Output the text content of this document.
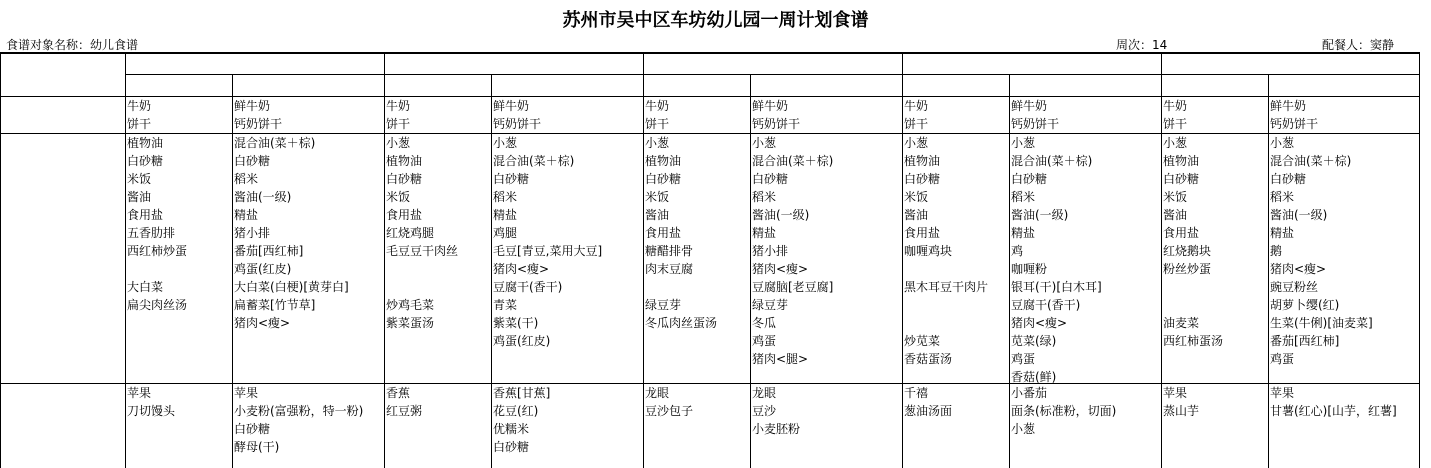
苏州市吴中区车坊幼儿园一周计划食谱
食谱对象名称：幼儿食谱	周次：14	配餐人：窦静
牛奶
饼干
鲜牛奶
钙奶饼干
牛奶
饼干
鲜牛奶
钙奶饼干
牛奶
饼干
鲜牛奶
钙奶饼干
牛奶
饼干
鲜牛奶
钙奶饼干
牛奶
饼干
鲜牛奶
钙奶饼干
植物油
白砂糖
米饭
酱油
食用盐
五香肋排
西红柿炒蛋
大白菜
扁尖肉丝汤
混合油(菜＋棕)
白砂糖
稻米
酱油(一级)
精盐
猪小排
番茄[西红柿]
鸡蛋(红皮)
大白菜(白梗)[黄芽白]
扁蓄菜[竹节草]
猪肉<瘦>
小葱
植物油
白砂糖
米饭
食用盐
红烧鸡腿
毛豆豆干肉丝
炒鸡毛菜
紫菜蛋汤
小葱
混合油(菜＋棕)
白砂糖
稻米
精盐
鸡腿
毛豆[青豆,菜用大豆]
猪肉<瘦>
豆腐干(香干)
青菜
紫菜(干)
鸡蛋(红皮)
小葱
植物油
白砂糖
米饭
酱油
食用盐
糖醋排骨
肉末豆腐
绿豆芽
冬瓜肉丝蛋汤
小葱
混合油(菜＋棕)
白砂糖
稻米
酱油(一级)
精盐
猪小排
猪肉<瘦>
豆腐脑[老豆腐]
绿豆芽
冬瓜
鸡蛋
猪肉<腿>
小葱
植物油
白砂糖
米饭
酱油
食用盐
咖喱鸡块
黑木耳豆干肉片
炒苋菜
香菇蛋汤
小葱
混合油(菜＋棕)
白砂糖
稻米
酱油(一级)
精盐
鸡
咖喱粉
银耳(干)[白木耳]
豆腐干(香干)
猪肉<瘦>
苋菜(绿)
鸡蛋
香菇(鲜)
小葱
植物油
白砂糖
米饭
酱油
食用盐
红烧鹅块
粉丝炒蛋
油麦菜
西红柿蛋汤
小葱
混合油(菜＋棕)
白砂糖
稻米
酱油(一级)
精盐
鹅
猪肉<瘦>
豌豆粉丝
胡萝卜缨(红)
生菜(牛俐)[油麦菜]
番茄[西红柿]
鸡蛋
苹果
刀切馒头
苹果
小麦粉(富强粉，特一粉)
白砂糖
酵母(干)
香蕉
红豆粥
香蕉[甘蕉]
花豆(红)
优糯米
白砂糖
龙眼
豆沙包子
龙眼
豆沙
小麦胚粉
千禧
葱油汤面
小番茄
面条(标准粉，切面)
小葱
苹果
蒸山芋
苹果
甘薯(红心)[山芋，红薯]
